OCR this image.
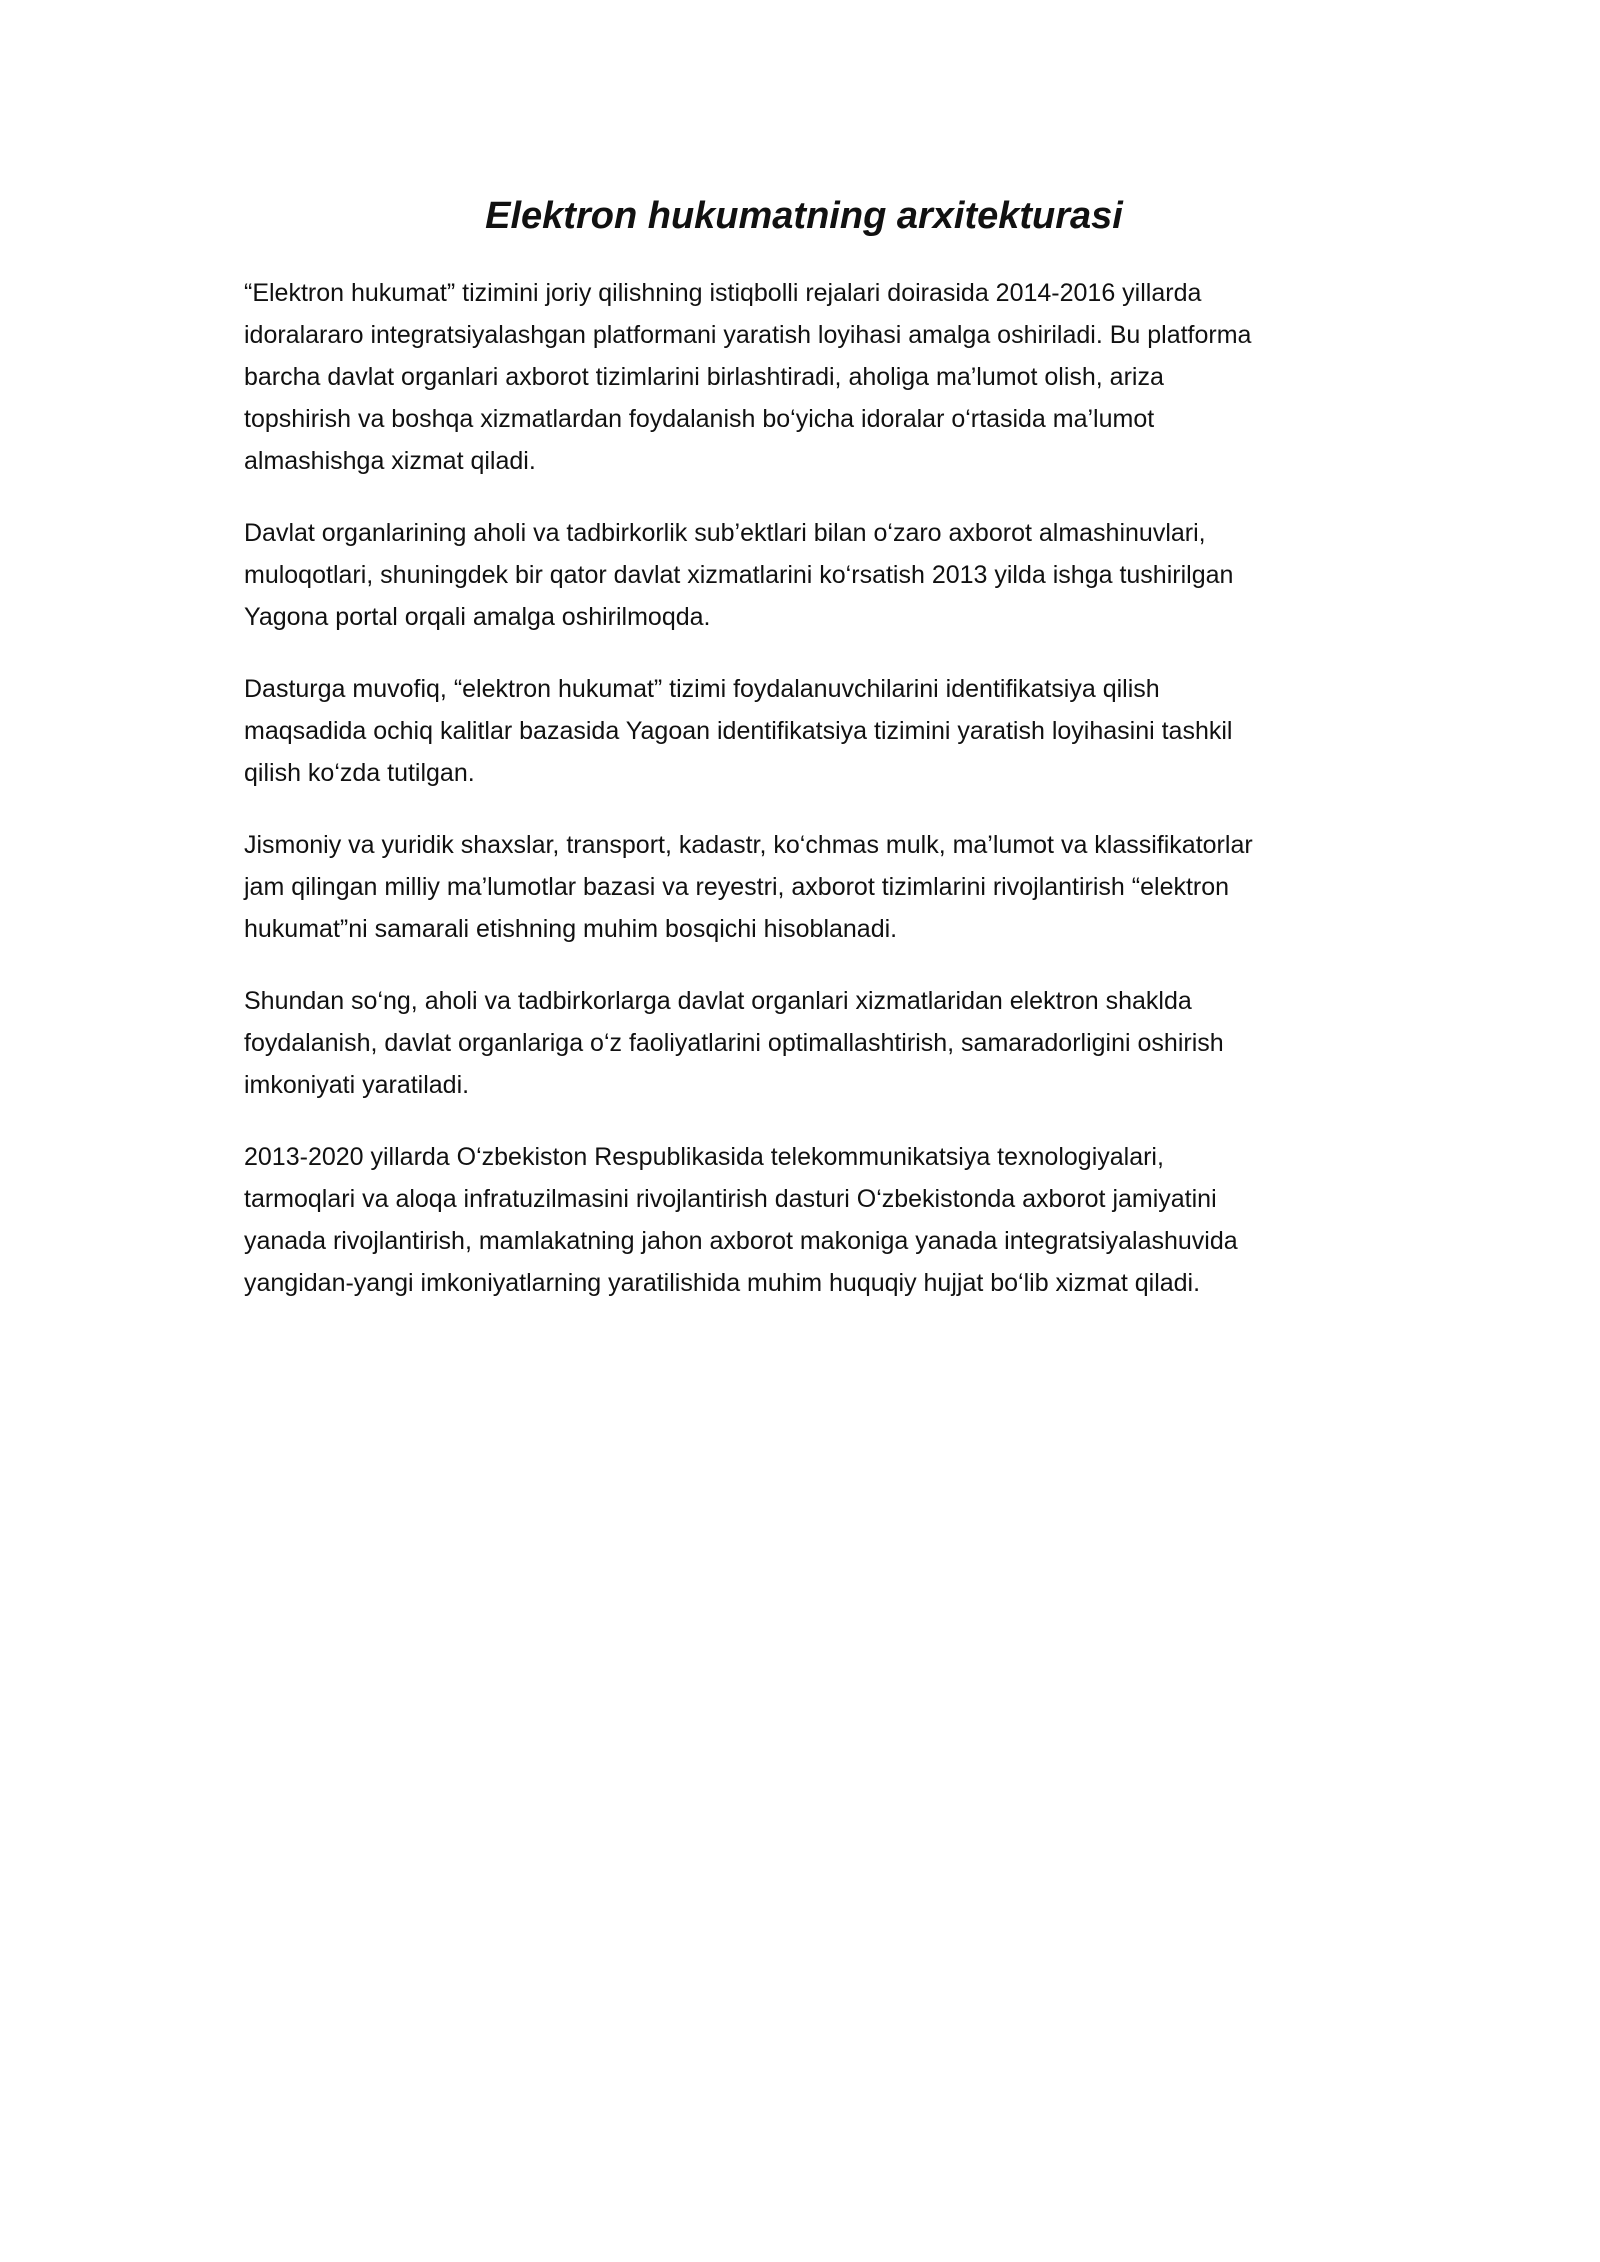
Elektron hukumatning arxitekturasi

“Elektron hukumat” tizimini joriy qilishning istiqbolli rejalari doirasida 2014-2016 yillarda
idoralararo integratsiyalashgan platformani yaratish loyihasi amalga oshiriladi. Bu platforma
barcha davlat organlari axborot tizimlarini birlashtiradi, aholiga ma’lumot olish, ariza
topshirish va boshqa xizmatlardan foydalanish bo‘yicha idoralar o‘rtasida ma’lumot
almashishga xizmat qiladi.

Davlat organlarining aholi va tadbirkorlik sub’ektlari bilan o‘zaro axborot almashinuvlari,
muloqotlari, shuningdek bir qator davlat xizmatlarini ko‘rsatish 2013 yilda ishga tushirilgan
Yagona portal orqali amalga oshirilmoqda.

Dasturga muvofiq, “elektron hukumat” tizimi foydalanuvchilarini identifikatsiya qilish
maqsadida ochiq kalitlar bazasida Yagoan identifikatsiya tizimini yaratish loyihasini tashkil
qilish ko‘zda tutilgan.

Jismoniy va yuridik shaxslar, transport, kadastr, ko‘chmas mulk, ma’lumot va klassifikatorlar
jam qilingan milliy ma’lumotlar bazasi va reyestri, axborot tizimlarini rivojlantirish “elektron
hukumat”ni samarali etishning muhim bosqichi hisoblanadi.

Shundan so‘ng, aholi va tadbirkorlarga davlat organlari xizmatlaridan elektron shaklda
foydalanish, davlat organlariga o‘z faoliyatlarini optimallashtirish, samaradorligini oshirish
imkoniyati yaratiladi.

2013-2020 yillarda O‘zbekiston Respublikasida telekommunikatsiya texnologiyalari,
tarmoqlari va aloqa infratuzilmasini rivojlantirish dasturi O‘zbekistonda axborot jamiyatini
yanada rivojlantirish, mamlakatning jahon axborot makoniga yanada integratsiyalashuvida
yangidan-yangi imkoniyatlarning yaratilishida muhim huquqiy hujjat bo‘lib xizmat qiladi.
